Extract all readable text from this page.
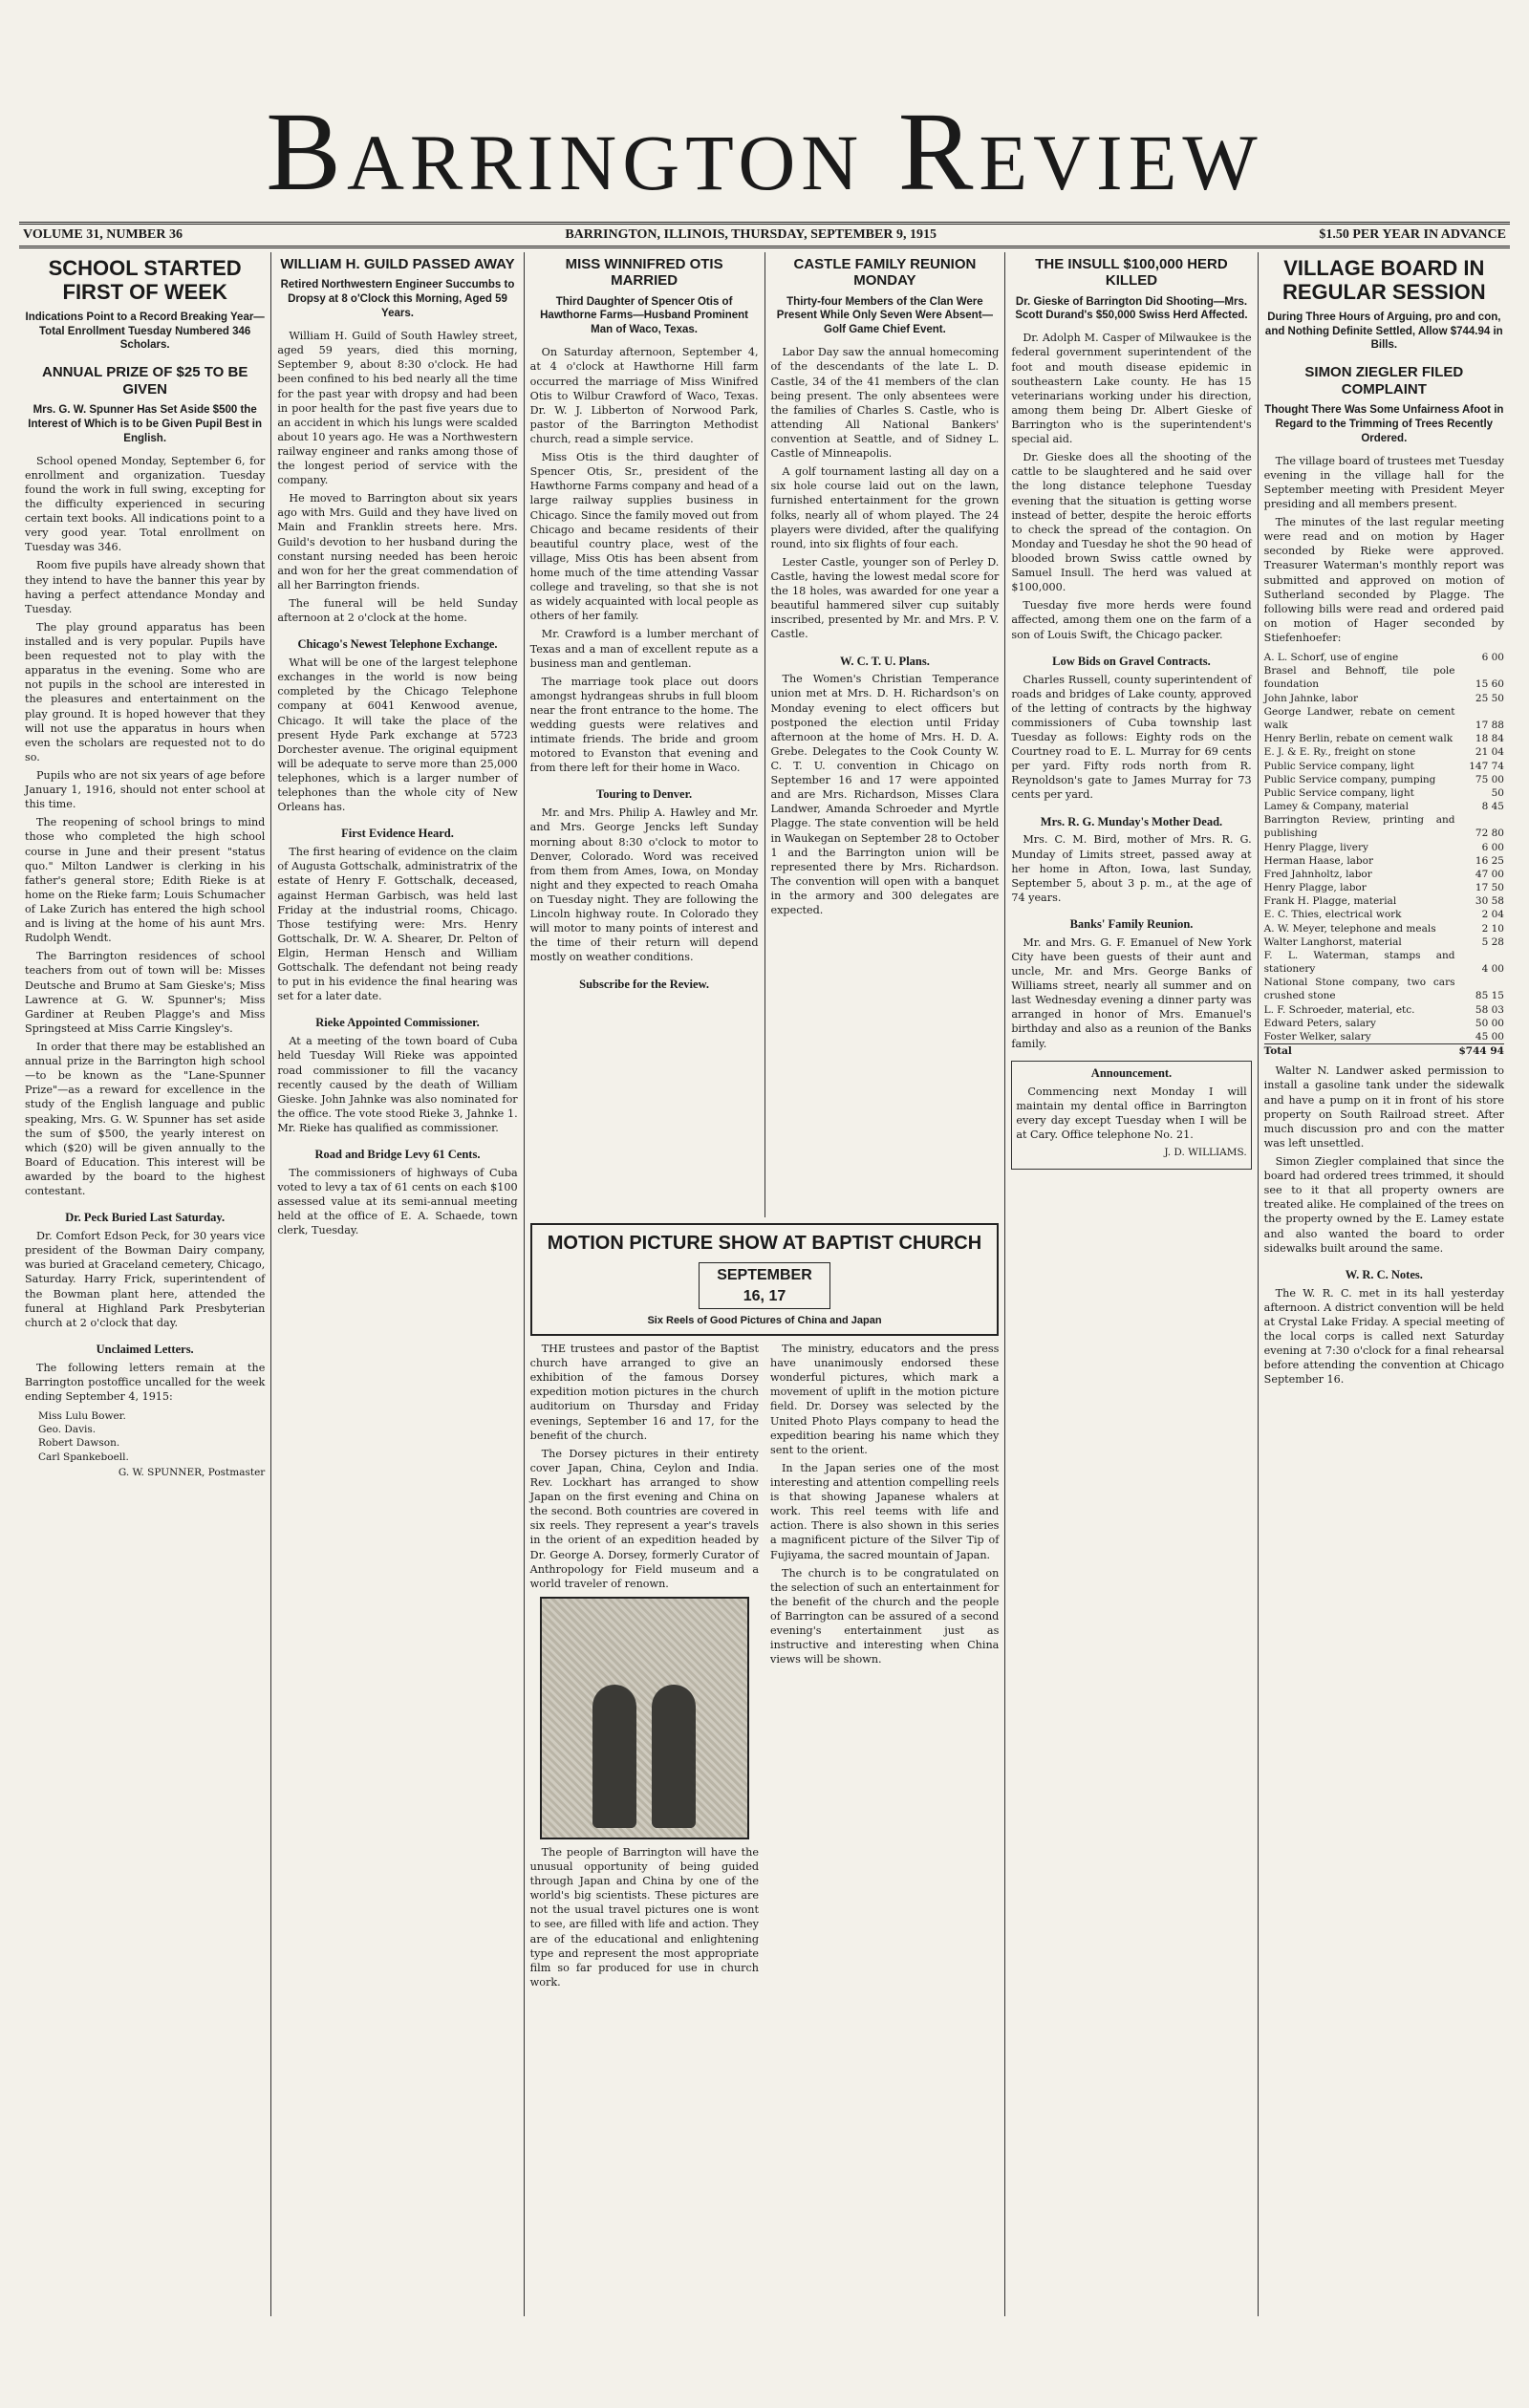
Barrington Review
VOLUME 31, NUMBER 36	BARRINGTON, ILLINOIS, THURSDAY, SEPTEMBER 9, 1915	$1.50 PER YEAR IN ADVANCE
SCHOOL STARTED FIRST OF WEEK
Indications Point to a Record Breaking Year—Total Enrollment Tuesday Numbered 346 Scholars.
ANNUAL PRIZE OF $25 TO BE GIVEN
Mrs. G. W. Spunner Has Set Aside $500 the Interest of Which is to be Given Pupil Best in English.

School opened Monday, September 6, for enrollment and organization. Tuesday found the work in full swing, excepting for the difficulty experienced in securing certain text books. All indications point to a very good year. Total enrollment on Tuesday was 346.

Room five pupils have already shown that they intend to have the banner this year by having a perfect attendance Monday and Tuesday.

The play ground apparatus has been installed and is very popular. Pupils have been requested not to play with the apparatus in the evening. Some who are not pupils in the school are interested in the pleasures and entertainment on the play ground. It is hoped however that they will not use the apparatus in hours when even the scholars are requested not to do so.

Pupils who are not six years of age before January 1, 1916, should not enter school at this time.

The reopening of school brings to mind those who completed the high school course in June and their present "status quo." Milton Landwer is clerking in his father's general store; Edith Rieke is at home on the Rieke farm; Louis Schumacher of Lake Zurich has entered the high school and is living at the home of his aunt Mrs. Rudolph Wendt.

The Barrington residences of school teachers from out of town will be: Misses Deutsche and Brumo at Sam Gieske's; Miss Lawrence at G. W. Spunner's; Miss Gardiner at Reuben Plagge's and Miss Springsteed at Miss Carrie Kingsley's.

In order that there may be established an annual prize in the Barrington high school—to be known as the "Lane-Spunner Prize"—as a reward for excellence in the study of the English language and public speaking, Mrs. G. W. Spunner has set aside the sum of $500, the yearly interest on which ($20) will be given annually to the Board of Education. This interest will be awarded by the board to the highest contestant.

Dr. Peck Buried Last Saturday.

Dr. Comfort Edson Peck, for 30 years vice president of the Bowman Dairy company, was buried at Graceland cemetery, Chicago, Saturday. Harry Frick, superintendent of the Bowman plant here, attended the funeral at Highland Park Presbyterian church at 2 o'clock that day.

Unclaimed Letters.

The following letters remain at the Barrington postoffice uncalled for the week ending September 4, 1915:

Miss Lulu Bower.
Geo. Davis.
Robert Dawson.
Carl Spankeboell.
G. W. SPUNNER, Postmaster
WILLIAM H. GUILD PASSED AWAY
Retired Northwestern Engineer Succumbs to Dropsy at 8 o'Clock this Morning, Aged 59 Years.

William H. Guild of South Hawley street, aged 59 years, died this morning, September 9, about 8:30 o'clock. He had been confined to his bed nearly all the time for the past year with dropsy and had been in poor health for the past five years due to an accident in which his lungs were scalded about 10 years ago. He was a Northwestern railway engineer and ranks among those of the longest period of service with the company.

He moved to Barrington about six years ago with Mrs. Guild and they have lived on Main and Franklin streets here. Mrs. Guild's devotion to her husband during the constant nursing needed has been heroic and won for her the great commendation of all her Barrington friends.

The funeral will be held Sunday afternoon at 2 o'clock at the home.

Chicago's Newest Telephone Exchange.

What will be one of the largest telephone exchanges in the world is now being completed by the Chicago Telephone company at 6041 Kenwood avenue, Chicago. It will take the place of the present Hyde Park exchange at 5723 Dorchester avenue. The original equipment will be adequate to serve more than 25,000 telephones, which is a larger number of telephones than the whole city of New Orleans has.

First Evidence Heard.

The first hearing of evidence on the claim of Augusta Gottschalk, administratrix of the estate of Henry F. Gottschalk, deceased, against Herman Garbisch, was held last Friday at the industrial rooms, Chicago. Those testifying were: Mrs. Henry Gottschalk, Dr. W. A. Shearer, Dr. Pelton of Elgin, Herman Hensch and William Gottschalk. The defendant not being ready to put in his evidence the final hearing was set for a later date.

Rieke Appointed Commissioner.

At a meeting of the town board of Cuba held Tuesday Will Rieke was appointed road commissioner to fill the vacancy recently caused by the death of William Gieske. John Jahnke was also nominated for the office. The vote stood Rieke 3, Jahnke 1. Mr. Rieke has qualified as commissioner.

Road and Bridge Levy 61 Cents.

The commissioners of highways of Cuba voted to levy a tax of 61 cents on each $100 assessed value at its semi-annual meeting held at the office of E. A. Schaede, town clerk, Tuesday.

MISS WINNIFRED OTIS MARRIED
Third Daughter of Spencer Otis of Hawthorne Farms—Husband Prominent Man of Waco, Texas.

On Saturday afternoon, September 4, at 4 o'clock at Hawthorne Hill farm occurred the marriage of Miss Winifred Otis to Wilbur Crawford of Waco, Texas. Dr. W. J. Libberton of Norwood Park, pastor of the Barrington Methodist church, read a simple service.

Miss Otis is the third daughter of Spencer Otis, Sr., president of the Hawthorne Farms company and head of a large railway supplies business in Chicago. Since the family moved out from Chicago and became residents of their beautiful country place, west of the village, Miss Otis has been absent from home much of the time attending Vassar college and traveling, so that she is not as widely acquainted with local people as others of her family.

Mr. Crawford is a lumber merchant of Texas and a man of excellent repute as a business man and gentleman.

The marriage took place out doors amongst hydrangeas shrubs in full bloom near the front entrance to the home. The wedding guests were relatives and intimate friends. The bride and groom motored to Evanston that evening and from there left for their home in Waco.

Touring to Denver.

Mr. and Mrs. Philip A. Hawley and Mr. and Mrs. George Jencks left Sunday morning about 8:30 o'clock to motor to Denver, Colorado. Word was received from them from Ames, Iowa, on Monday night and they expected to reach Omaha on Tuesday night. They are following the Lincoln highway route. In Colorado they will motor to many points of interest and the time of their return will depend mostly on weather conditions.

Subscribe for the Review.
CASTLE FAMILY REUNION MONDAY
Thirty-four Members of the Clan Were Present While Only Seven Were Absent—Golf Game Chief Event.

Labor Day saw the annual homecoming of the descendants of the late L. D. Castle, 34 of the 41 members of the clan being present. The only absentees were the families of Charles S. Castle, who is attending All National Bankers' convention at Seattle, and of Sidney L. Castle of Minneapolis.

A golf tournament lasting all day on a six hole course laid out on the lawn, furnished entertainment for the grown folks, nearly all of whom played. The 24 players were divided, after the qualifying round, into six flights of four each.

Lester Castle, younger son of Perley D. Castle, having the lowest medal score for the 18 holes, was awarded for one year a beautiful hammered silver cup suitably inscribed, presented by Mr. and Mrs. P. V. Castle.

W. C. T. U. Plans.

The Women's Christian Temperance union met at Mrs. D. H. Richardson's on Monday evening to elect officers but postponed the election until Friday afternoon at the home of Mrs. H. D. A. Grebe. Delegates to the Cook County W. C. T. U. convention in Chicago on September 16 and 17 were appointed and are Mrs. Richardson, Misses Clara Landwer, Amanda Schroeder and Myrtle Plagge. The state convention will be held in Waukegan on September 28 to October 1 and the Barrington union will be represented there by Mrs. Richardson. The convention will open with a banquet in the armory and 300 delegates are expected.

MOTION PICTURE SHOW AT BAPTIST CHURCH
SEPTEMBER
16, 17
Six Reels of Good Pictures of China and Japan

THE trustees and pastor of the Baptist church have arranged to give an exhibition of the famous Dorsey expedition motion pictures in the church auditorium on Thursday and Friday evenings, September 16 and 17, for the benefit of the church.

The Dorsey pictures in their entirety cover Japan, China, Ceylon and India. Rev. Lockhart has arranged to show Japan on the first evening and China on the second. Both countries are covered in six reels. They represent a year's travels in the orient of an expedition headed by Dr. George A. Dorsey, formerly Curator of Anthropology for Field museum and a world traveler of renown.

The people of Barrington will have the unusual opportunity of being guided through Japan and China by one of the world's big scientists. These pictures are not the usual travel pictures one is wont to see, are filled with life and action. They are of the educational and enlightening type and represent the most appropriate film so far produced for use in church work.

The ministry, educators and the press have unanimously endorsed these wonderful pictures, which mark a movement of uplift in the motion picture field. Dr. Dorsey was selected by the United Photo Plays company to head the expedition bearing his name which they sent to the orient.

In the Japan series one of the most interesting and attention compelling reels is that showing Japanese whalers at work. This reel teems with life and action. There is also shown in this series a magnificent picture of the Silver Tip of Fujiyama, the sacred mountain of Japan.

The church is to be congratulated on the selection of such an entertainment for the benefit of the church and the people of Barrington can be assured of a second evening's entertainment just as instructive and interesting when China views will be shown.

THE INSULL $100,000 HERD KILLED
Dr. Gieske of Barrington Did Shooting—Mrs. Scott Durand's $50,000 Swiss Herd Affected.

Dr. Adolph M. Casper of Milwaukee is the federal government superintendent of the foot and mouth disease epidemic in southeastern Lake county. He has 15 veterinarians working under his direction, among them being Dr. Albert Gieske of Barrington who is the superintendent's special aid.

Dr. Gieske does all the shooting of the cattle to be slaughtered and he said over the long distance telephone Tuesday evening that the situation is getting worse instead of better, despite the heroic efforts to check the spread of the contagion. On Monday and Tuesday he shot the 90 head of blooded brown Swiss cattle owned by Samuel Insull. The herd was valued at $100,000.

Tuesday five more herds were found affected, among them one on the farm of a son of Louis Swift, the Chicago packer.

Low Bids on Gravel Contracts.

Charles Russell, county superintendent of roads and bridges of Lake county, approved of the letting of contracts by the highway commissioners of Cuba township last Tuesday as follows: Eighty rods on the Courtney road to E. L. Murray for 69 cents per yard. Fifty rods north from R. Reynoldson's gate to James Murray for 73 cents per yard.

Mrs. R. G. Munday's Mother Dead.

Mrs. C. M. Bird, mother of Mrs. R. G. Munday of Limits street, passed away at her home in Afton, Iowa, last Sunday, September 5, about 3 p. m., at the age of 74 years.

Banks' Family Reunion.

Mr. and Mrs. G. F. Emanuel of New York City have been guests of their aunt and uncle, Mr. and Mrs. George Banks of Williams street, nearly all summer and on last Wednesday evening a dinner party was arranged in honor of Mrs. Emanuel's birthday and also as a reunion of the Banks family.

Announcement.

Commencing next Monday I will maintain my dental office in Barrington every day except Tuesday when I will be at Cary. Office telephone No. 21.

J. D. WILLIAMS.
VILLAGE BOARD IN REGULAR SESSION
During Three Hours of Arguing, pro and con, and Nothing Definite Settled, Allow $744.94 in Bills.
SIMON ZIEGLER FILED COMPLAINT
Thought There Was Some Unfairness Afoot in Regard to the Trimming of Trees Recently Ordered.

The village board of trustees met Tuesday evening in the village hall for the September meeting with President Meyer presiding and all members present.

The minutes of the last regular meeting were read and on motion by Hager seconded by Rieke were approved. Treasurer Waterman's monthly report was submitted and approved on motion of Sutherland seconded by Plagge. The following bills were read and ordered paid on motion of Hager seconded by Stiefenhoefer:

A. L. Schorf, use of engine	6 00
Brasel and Behnoff, tile pole foundation	15 60
John Jahnke, labor	25 50
George Landwer, rebate on cement walk	17 88
Henry Berlin, rebate on cement walk	18 84
E. J. & E. Ry., freight on stone	21 04
Public Service company, light	147 74
Public Service company, pumping	75 00
Public Service company, light	50
Lamey & Company, material	8 45
Barrington Review, printing and publishing	72 80
Henry Plagge, livery	6 00
Herman Haase, labor	16 25
Fred Jahnholtz, labor	47 00
Henry Plagge, labor	17 50
Frank H. Plagge, material	30 58
E. C. Thies, electrical work	2 04
A. W. Meyer, telephone and meals	2 10
Walter Langhorst, material	5 28
F. L. Waterman, stamps and stationery	4 00
National Stone company, two cars crushed stone	85 15
L. F. Schroeder, material, etc.	58 03
Edward Peters, salary	50 00
Foster Welker, salary	45 00
Total	$744 94

Walter N. Landwer asked permission to install a gasoline tank under the sidewalk and have a pump on it in front of his store property on South Railroad street. After much discussion pro and con the matter was left unsettled.

Simon Ziegler complained that since the board had ordered trees trimmed, it should see to it that all property owners are treated alike. He complained of the trees on the property owned by the E. Lamey estate and also wanted the board to order sidewalks built around the same.

W. R. C. Notes.

The W. R. C. met in its hall yesterday afternoon. A district convention will be held at Crystal Lake Friday. A special meeting of the local corps is called next Saturday evening at 7:30 o'clock for a final rehearsal before attending the convention at Chicago September 16.
